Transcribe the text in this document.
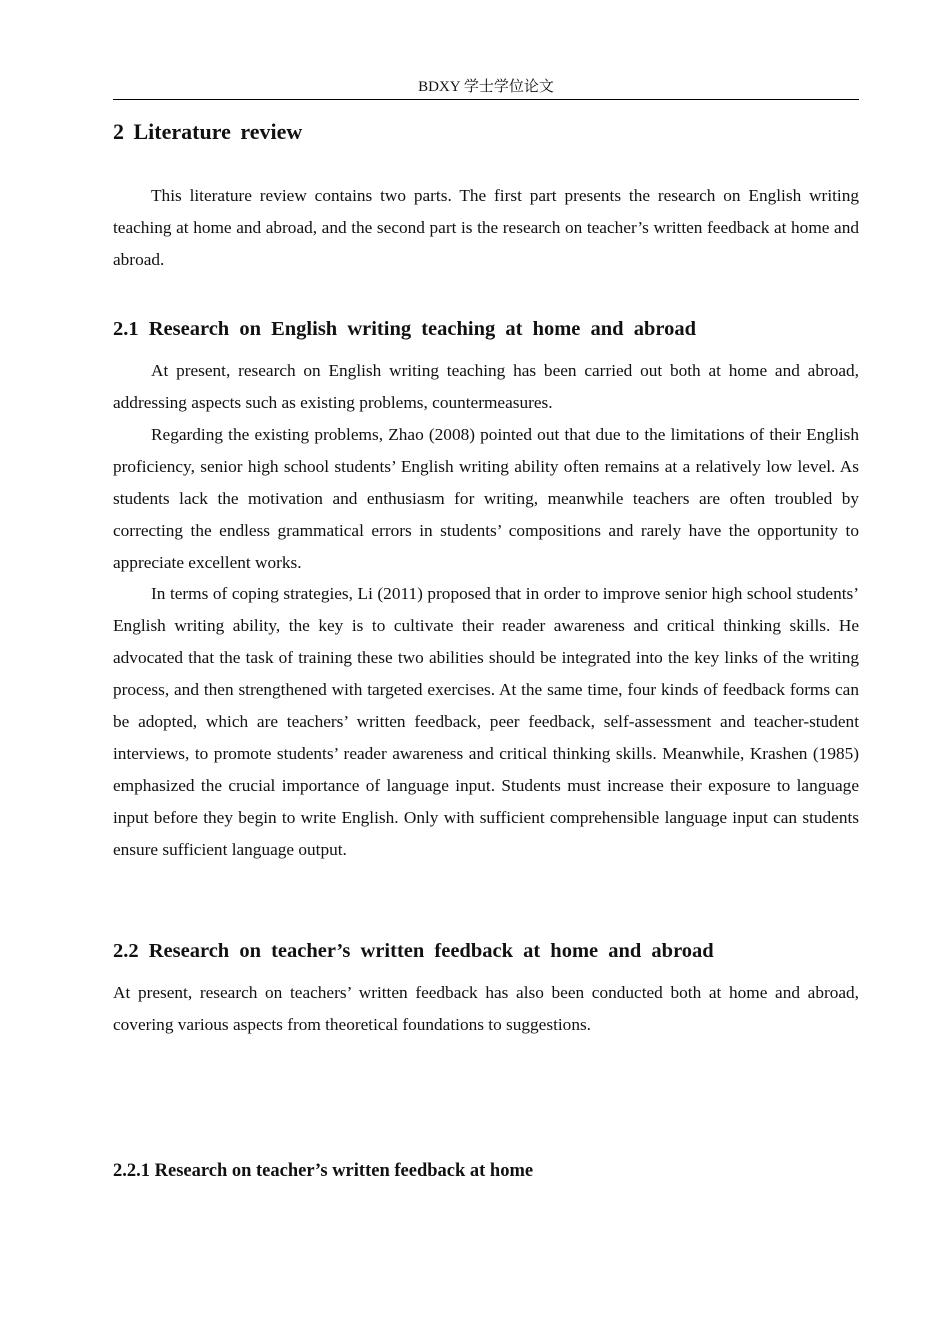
BDXY 学士学位论文
2 Literature review

This literature review contains two parts. The first part presents the research on English writing teaching at home and abroad, and the second part is the research on teacher’s written feedback at home and abroad.

2.1 Research on English writing teaching at home and abroad

At present, research on English writing teaching has been carried out both at home and abroad, addressing aspects such as existing problems, countermeasures.

Regarding the existing problems, Zhao (2008) pointed out that due to the limitations of their English proficiency, senior high school students’ English writing ability often remains at a relatively low level. As students lack the motivation and enthusiasm for writing, meanwhile teachers are often troubled by correcting the endless grammatical errors in students’ compositions and rarely have the opportunity to appreciate excellent works.

In terms of coping strategies, Li (2011) proposed that in order to improve senior high school students’ English writing ability, the key is to cultivate their reader awareness and critical thinking skills. He advocated that the task of training these two abilities should be integrated into the key links of the writing process, and then strengthened with targeted exercises. At the same time, four kinds of feedback forms can be adopted, which are teachers’ written feedback, peer feedback, self-assessment and teacher-student interviews, to promote students’ reader awareness and critical thinking skills. Meanwhile, Krashen (1985) emphasized the crucial importance of language input. Students must increase their exposure to language input before they begin to write English. Only with sufficient comprehensible language input can students ensure sufficient language output.

2.2 Research on teacher’s written feedback at home and abroad

At present, research on teachers’ written feedback has also been conducted both at home and abroad, covering various aspects from theoretical foundations to suggestions.

2.2.1 Research on teacher’s written feedback at home
